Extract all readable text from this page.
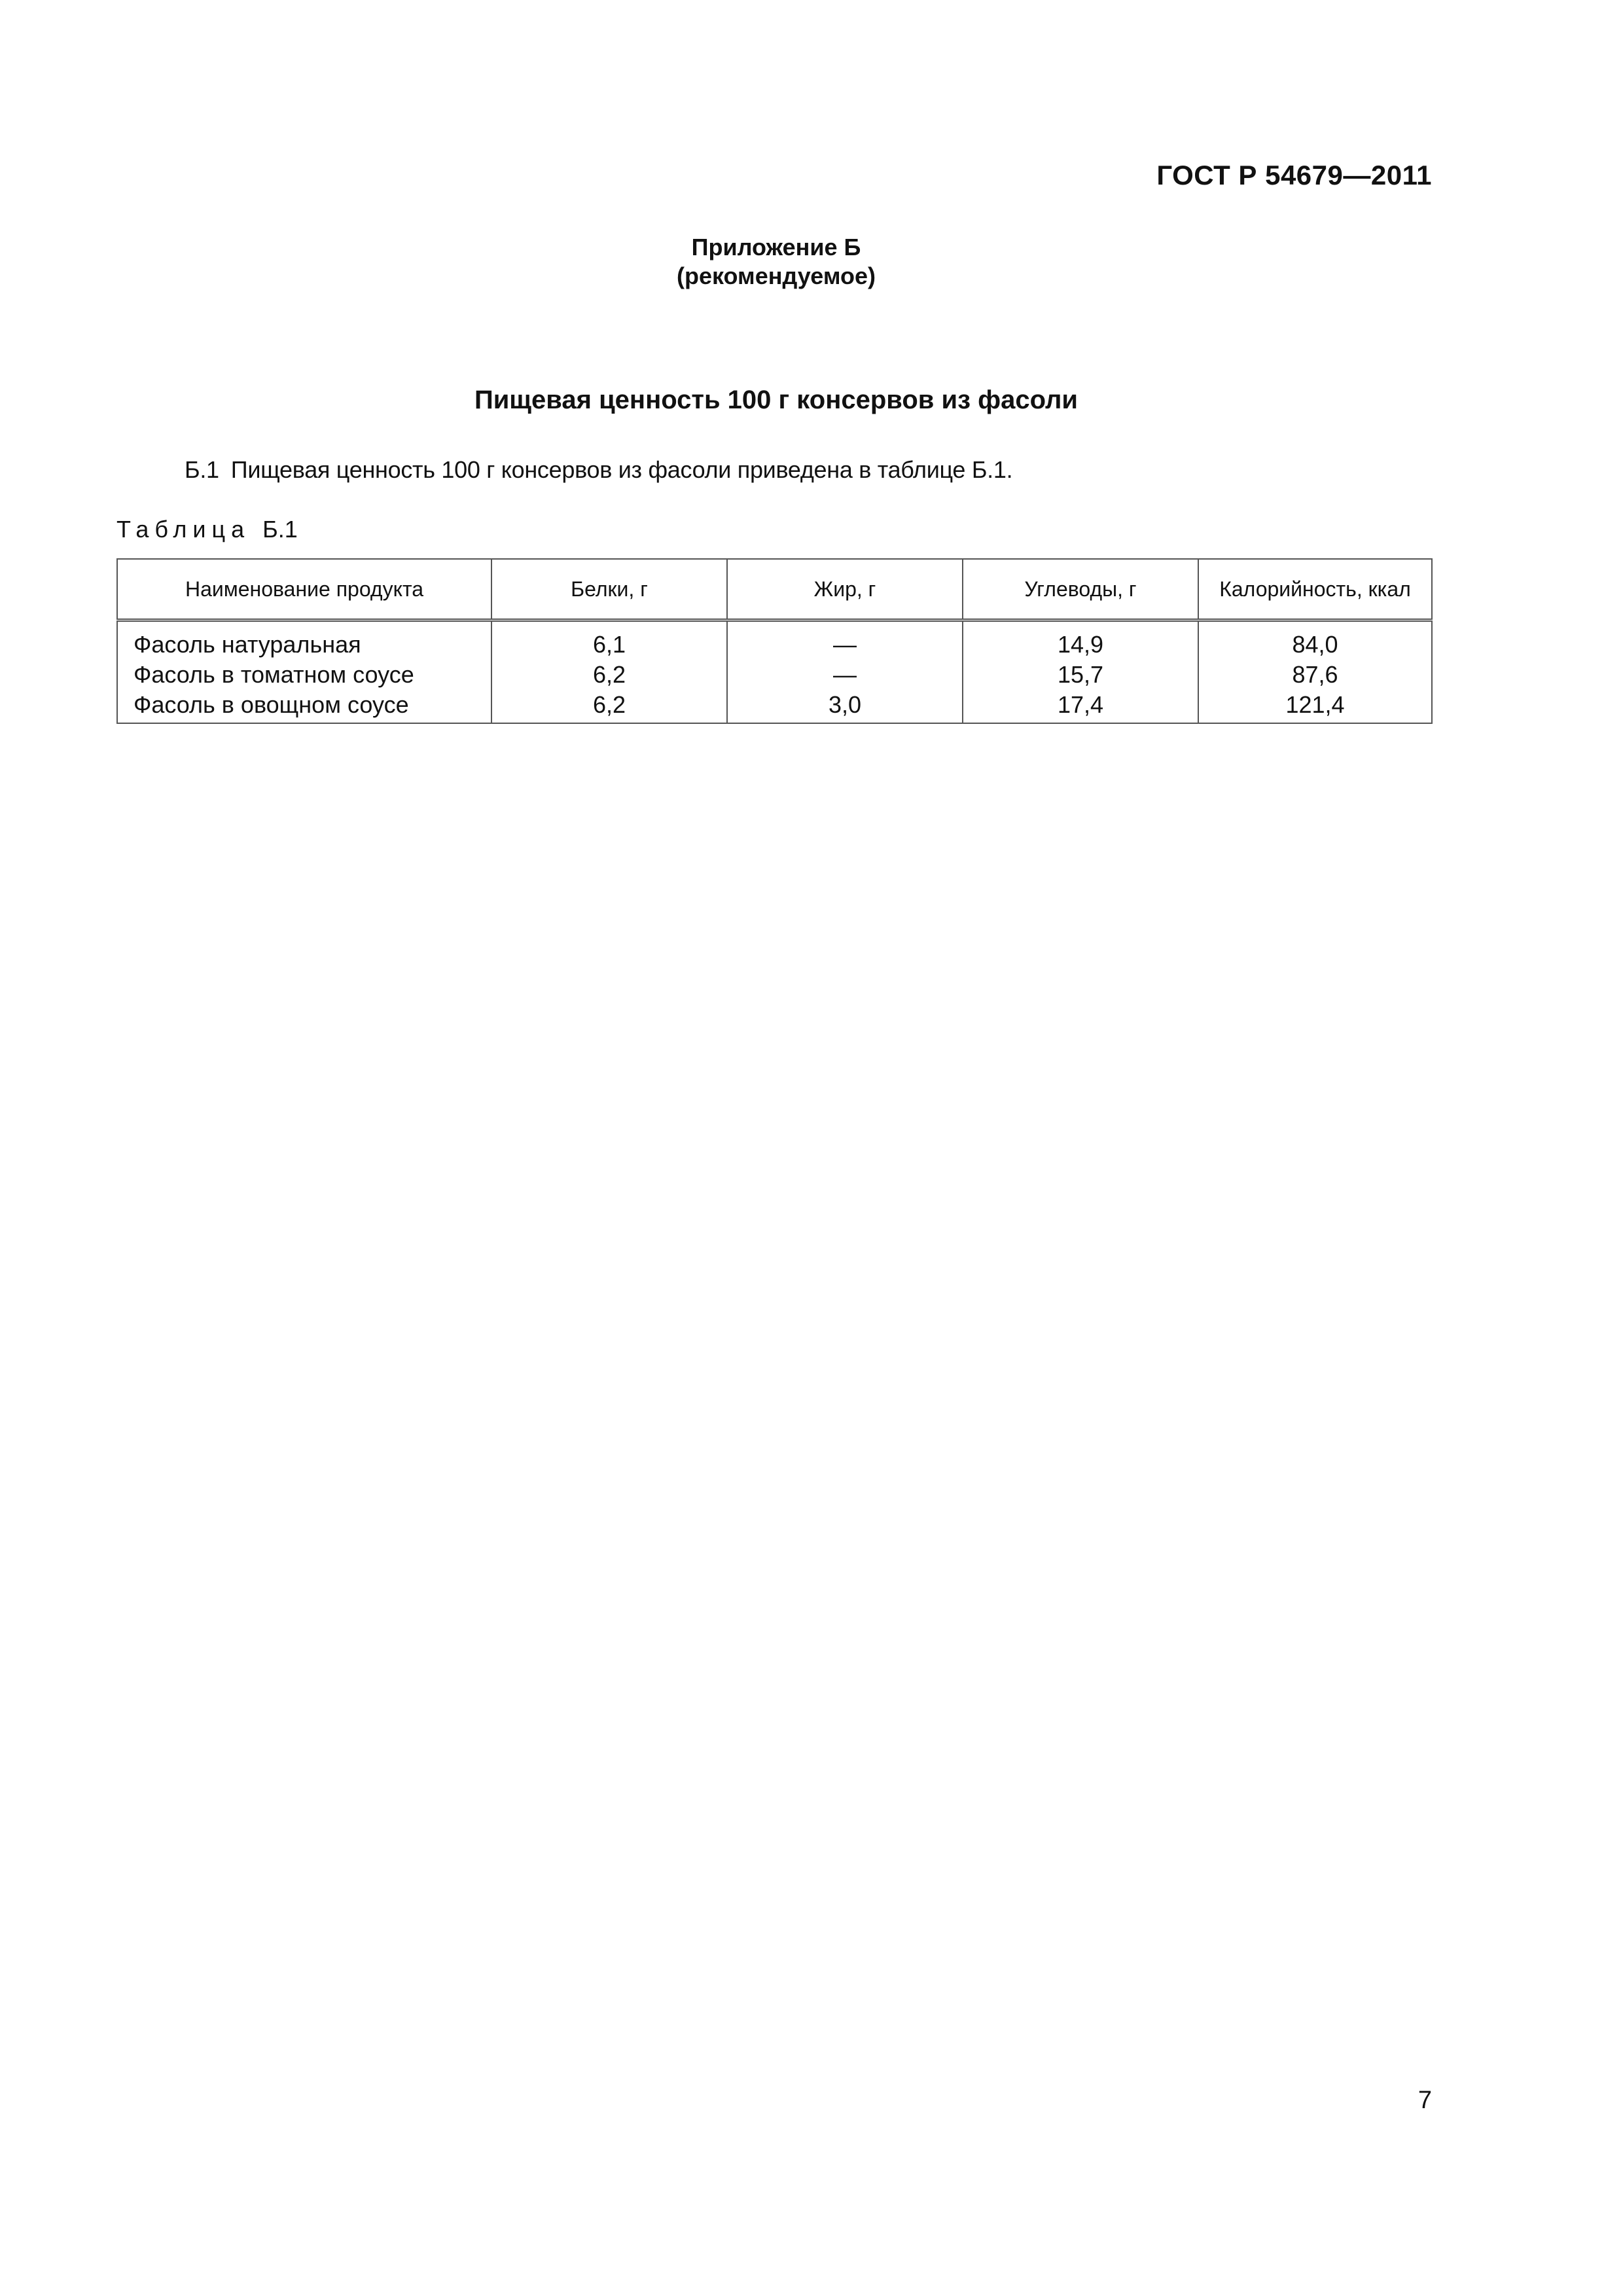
ГОСТ Р 54679—2011
Приложение Б
(рекомендуемое)
Пищевая ценность 100 г консервов из фасоли
Б.1 Пищевая ценность 100 г консервов из фасоли приведена в таблице Б.1.
Таблица Б.1
Наименование продукта	Белки, г	Жир, г	Углеводы, г	Калорийность, ккал
Фасоль натуральная	6,1	—	14,9	84,0
Фасоль в томатном соусе	6,2	—	15,7	87,6
Фасоль в овощном соусе	6,2	3,0	17,4	121,4
7
